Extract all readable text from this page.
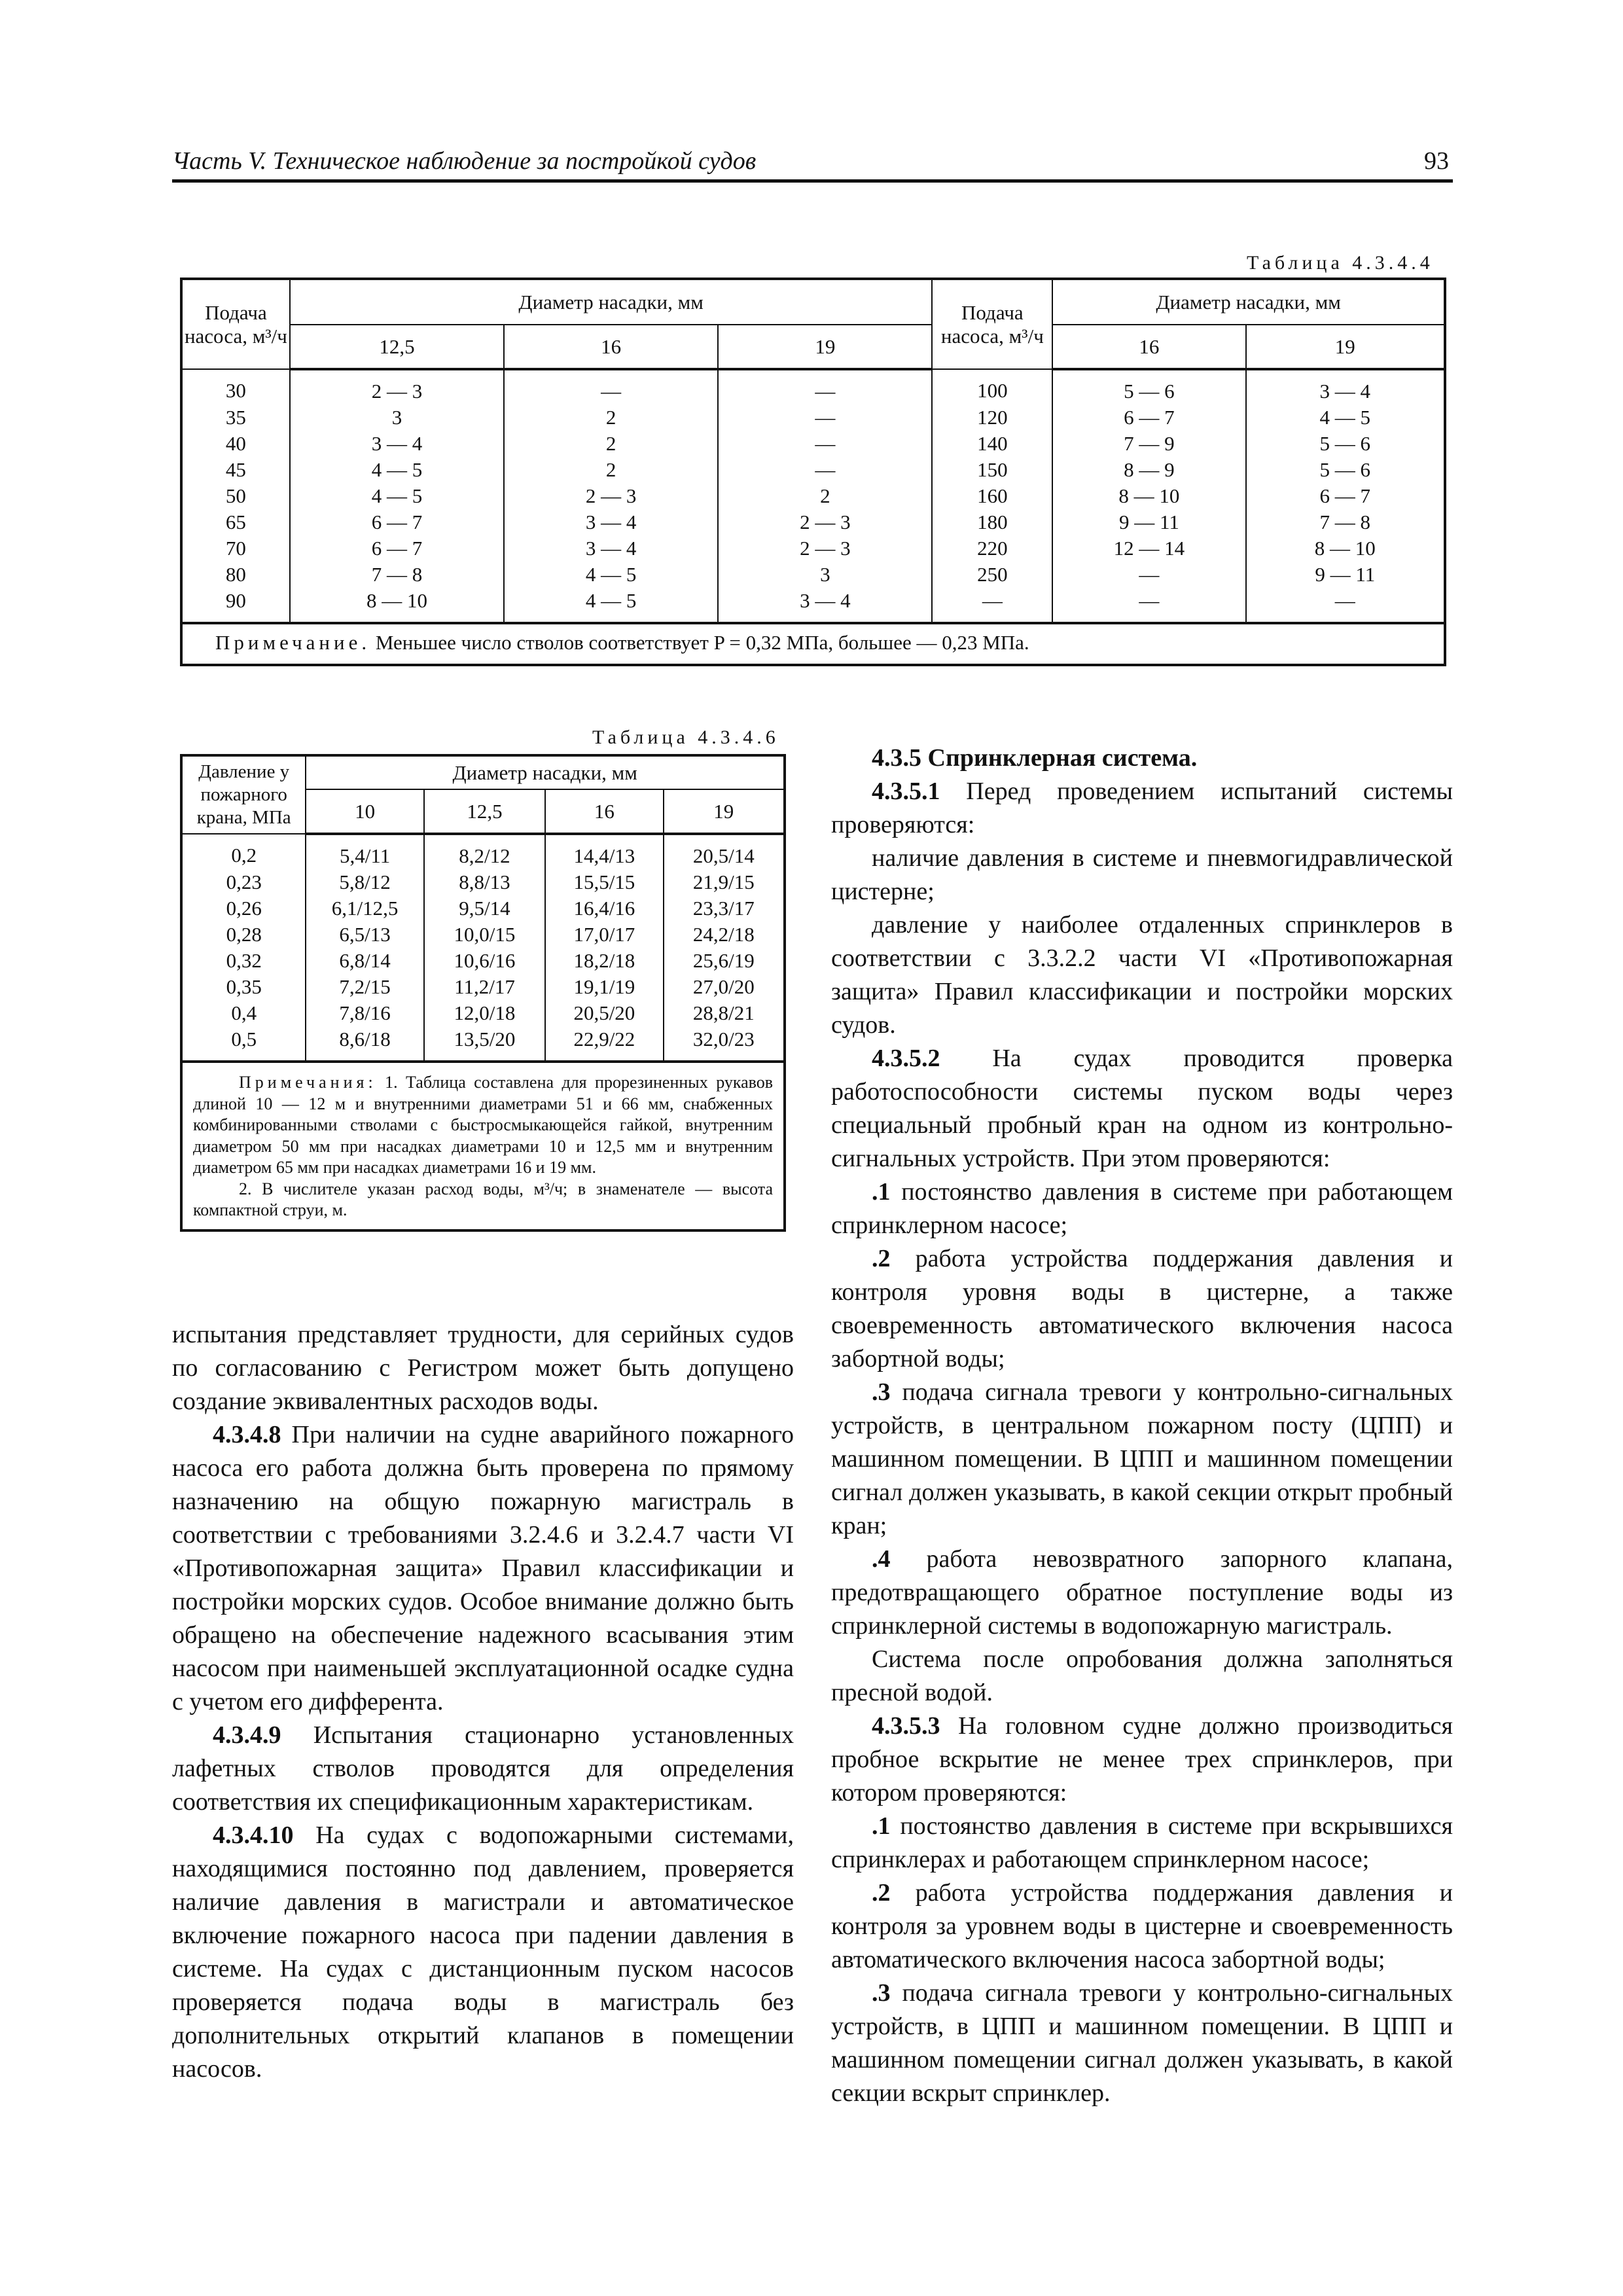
Часть V. Техническое наблюдение за постройкой судов	93
Таблица 4.3.4.4
Подача насоса, м³/ч	Диаметр насадки, мм			Подача насоса, м³/ч	Диаметр насадки, мм	
	12,5	16	19		16	19
30	2 — 3	—	—	100	5 — 6	3 — 4
35	3	2	—	120	6 — 7	4 — 5
40	3 — 4	2	—	140	7 — 9	5 — 6
45	4 — 5	2	—	150	8 — 9	5 — 6
50	4 — 5	2 — 3	2	160	8 — 10	6 — 7
65	6 — 7	3 — 4	2 — 3	180	9 — 11	7 — 8
70	6 — 7	3 — 4	2 — 3	220	12 — 14	8 — 10
80	7 — 8	4 — 5	3	250	—	9 — 11
90	8 — 10	4 — 5	3 — 4	—	—	—
Примечание. Меньшее число стволов соответствует P = 0,32 МПа, большее — 0,23 МПа.						
Таблица 4.3.4.6
Давление у пожарного крана, МПа	Диаметр насадки, мм			
	10	12,5	16	19
0,2	5,4/11	8,2/12	14,4/13	20,5/14
0,23	5,8/12	8,8/13	15,5/15	21,9/15
0,26	6,1/12,5	9,5/14	16,4/16	23,3/17
0,28	6,5/13	10,0/15	17,0/17	24,2/18
0,32	6,8/14	10,6/16	18,2/18	25,6/19
0,35	7,2/15	11,2/17	19,1/19	27,0/20
0,4	7,8/16	12,0/18	20,5/20	28,8/21
0,5	8,6/18	13,5/20	22,9/22	32,0/23

Примечания: 1. Таблица составлена для прорезиненных рукавов длиной 10 — 12 м и внутренними диаметрами 51 и 66 мм, снабженных комбинированными стволами с быстросмыкающейся гайкой, внутренним диаметром 50 мм при насадках диаметрами 10 и 12,5 мм и внутренним диаметром 65 мм при насадках диаметрами 16 и 19 мм.
2. В числителе указан расход воды, м³/ч; в знаменателе — высота компактной струи, м.				

испытания представляет трудности, для серийных судов по согласованию с Регистром может быть допущено создание эквивалентных расходов воды.

4.3.4.8 При наличии на судне аварийного пожарного насоса его работа должна быть проверена по прямому назначению на общую пожарную магистраль в соответствии с требованиями 3.2.4.6 и 3.2.4.7 части VI «Противопожарная защита» Правил классификации и постройки морских судов. Особое внимание должно быть обращено на обеспечение надежного всасывания этим насосом при наименьшей эксплуатационной осадке судна с учетом его дифферента.

4.3.4.9 Испытания стационарно установленных лафетных стволов проводятся для определения соответствия их спецификационным характеристикам.

4.3.4.10 На судах с водопожарными системами, находящимися постоянно под давлением, проверяется наличие давления в магистрали и автоматическое включение пожарного насоса при падении давления в системе. На судах с дистанционным пуском насосов проверяется подача воды в магистраль без дополнительных открытий клапанов в помещении насосов.

4.3.5 Спринклерная система.

4.3.5.1 Перед проведением испытаний системы проверяются:

наличие давления в системе и пневмогидравлической цистерне;

давление у наиболее отдаленных спринклеров в соответствии с 3.3.2.2 части VI «Противопожарная защита» Правил классификации и постройки морских судов.

4.3.5.2 На судах проводится проверка работоспособности системы пуском воды через специальный пробный кран на одном из контрольно-сигнальных устройств. При этом проверяются:

.1 постоянство давления в системе при работающем спринклерном насосе;

.2 работа устройства поддержания давления и контроля уровня воды в цистерне, а также своевременность автоматического включения насоса забортной воды;

.3 подача сигнала тревоги у контрольно-сигнальных устройств, в центральном пожарном посту (ЦПП) и машинном помещении. В ЦПП и машинном помещении сигнал должен указывать, в какой секции открыт пробный кран;

.4 работа невозвратного запорного клапана, предотвращающего обратное поступление воды из спринклерной системы в водопожарную магистраль.

Система после опробования должна заполняться пресной водой.

4.3.5.3 На головном судне должно производиться пробное вскрытие не менее трех спринклеров, при котором проверяются:

.1 постоянство давления в системе при вскрывшихся спринклерах и работающем спринклерном насосе;

.2 работа устройства поддержания давления и контроля за уровнем воды в цистерне и своевременность автоматического включения насоса забортной воды;

.3 подача сигнала тревоги у контрольно-сигнальных устройств, в ЦПП и машинном помещении. В ЦПП и машинном помещении сигнал должен указывать, в какой секции вскрыт спринклер.
